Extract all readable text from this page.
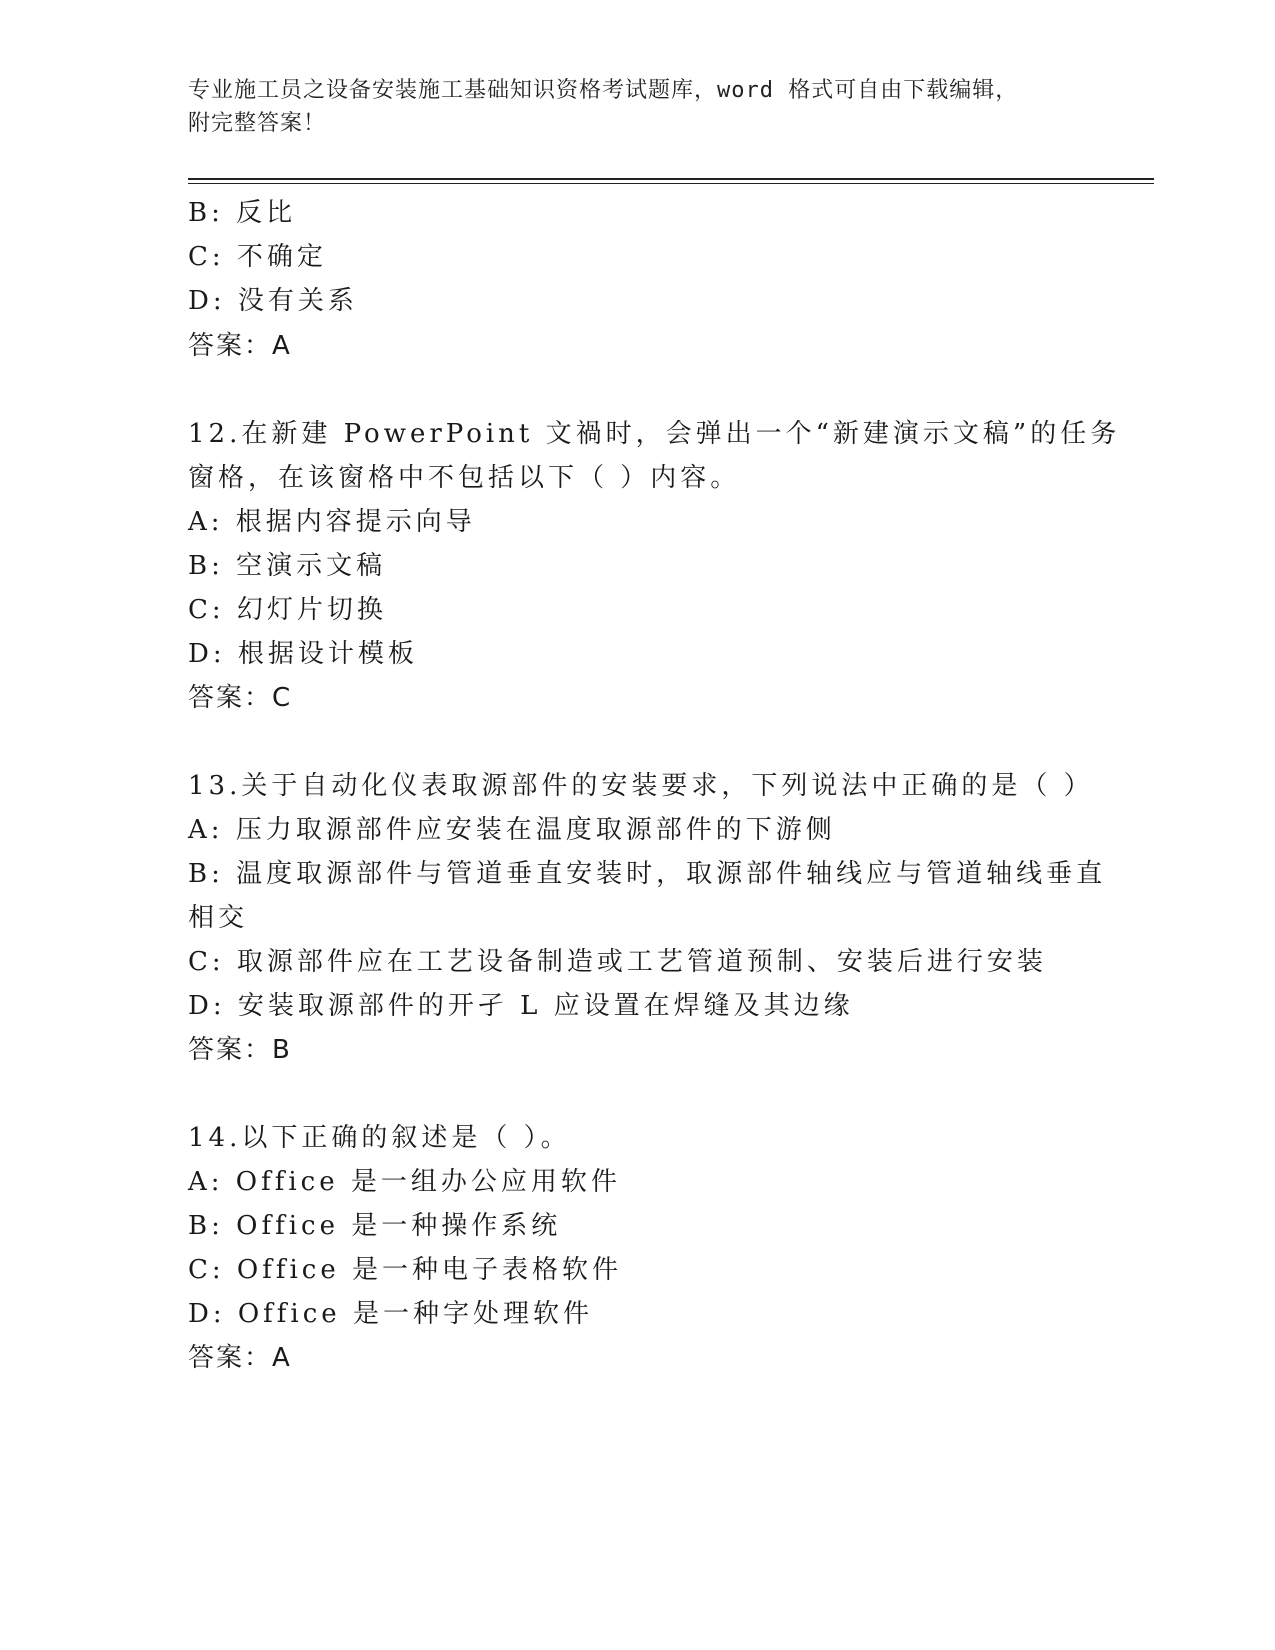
专业施工员之设备安装施工基础知识资格考试题库，word 格式可自由下载编辑，
附完整答案！
B: 反比
C: 不确定
D: 没有关系
答案：A
12.在新建 PowerPoint 文禍时，会弹出一个“新建演示文稿”的任务
窗格，在该窗格中不包括以下（ ）内容。
A: 根据内容提示向导
B: 空演示文稿
C: 幻灯片切换
D: 根据设计模板
答案：C
13.关于自动化仪表取源部件的安装要求，下列说法中正确的是（ ）
A: 压力取源部件应安装在温度取源部件的下游侧
B: 温度取源部件与管道垂直安装时，取源部件轴线应与管道轴线垂直
相交
C: 取源部件应在工艺设备制造或工艺管道预制、安装后进行安装
D: 安装取源部件的开孑 L 应设置在焊缝及其边缘
答案：B
14.以下正确的叙述是（ ）。
A: Office 是一组办公应用软件
B: Office 是一种操作系统
C: Office 是一种电子表格软件
D: Office 是一种字处理软件
答案：A
